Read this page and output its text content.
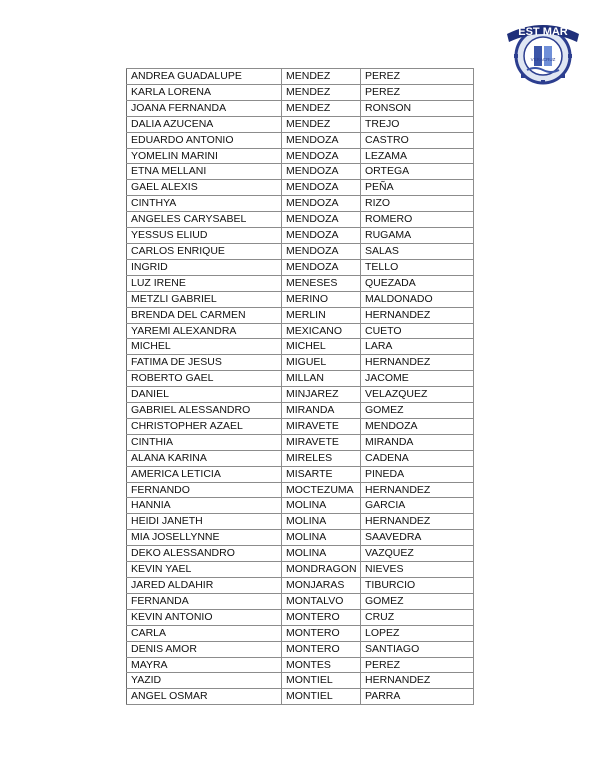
EST MAR
VERACRUZ
ANDREA GUADALUPE	MENDEZ	PEREZ
KARLA LORENA	MENDEZ	PEREZ
JOANA FERNANDA	MENDEZ	RONSON
DALIA AZUCENA	MENDEZ	TREJO
EDUARDO ANTONIO	MENDOZA	CASTRO
YOMELIN MARINI	MENDOZA	LEZAMA
ETNA MELLANI	MENDOZA	ORTEGA
GAEL ALEXIS	MENDOZA	PEÑA
CINTHYA	MENDOZA	RIZO
ANGELES CARYSABEL	MENDOZA	ROMERO
YESSUS ELIUD	MENDOZA	RUGAMA
CARLOS ENRIQUE	MENDOZA	SALAS
INGRID	MENDOZA	TELLO
LUZ IRENE	MENESES	QUEZADA
METZLI GABRIEL	MERINO	MALDONADO
BRENDA DEL CARMEN	MERLIN	HERNANDEZ
YAREMI ALEXANDRA	MEXICANO	CUETO
MICHEL	MICHEL	LARA
FATIMA DE JESUS	MIGUEL	HERNANDEZ
ROBERTO GAEL	MILLAN	JACOME
DANIEL	MINJAREZ	VELAZQUEZ
GABRIEL ALESSANDRO	MIRANDA	GOMEZ
CHRISTOPHER AZAEL	MIRAVETE	MENDOZA
CINTHIA	MIRAVETE	MIRANDA
ALANA KARINA	MIRELES	CADENA
AMERICA LETICIA	MISARTE	PINEDA
FERNANDO	MOCTEZUMA	HERNANDEZ
HANNIA	MOLINA	GARCIA
HEIDI JANETH	MOLINA	HERNANDEZ
MIA JOSELLYNNE	MOLINA	SAAVEDRA
DEKO ALESSANDRO	MOLINA	VAZQUEZ
KEVIN YAEL	MONDRAGON	NIEVES
JARED ALDAHIR	MONJARAS	TIBURCIO
FERNANDA	MONTALVO	GOMEZ
KEVIN ANTONIO	MONTERO	CRUZ
CARLA	MONTERO	LOPEZ
DENIS AMOR	MONTERO	SANTIAGO
MAYRA	MONTES	PEREZ
YAZID	MONTIEL	HERNANDEZ
ANGEL OSMAR	MONTIEL	PARRA
